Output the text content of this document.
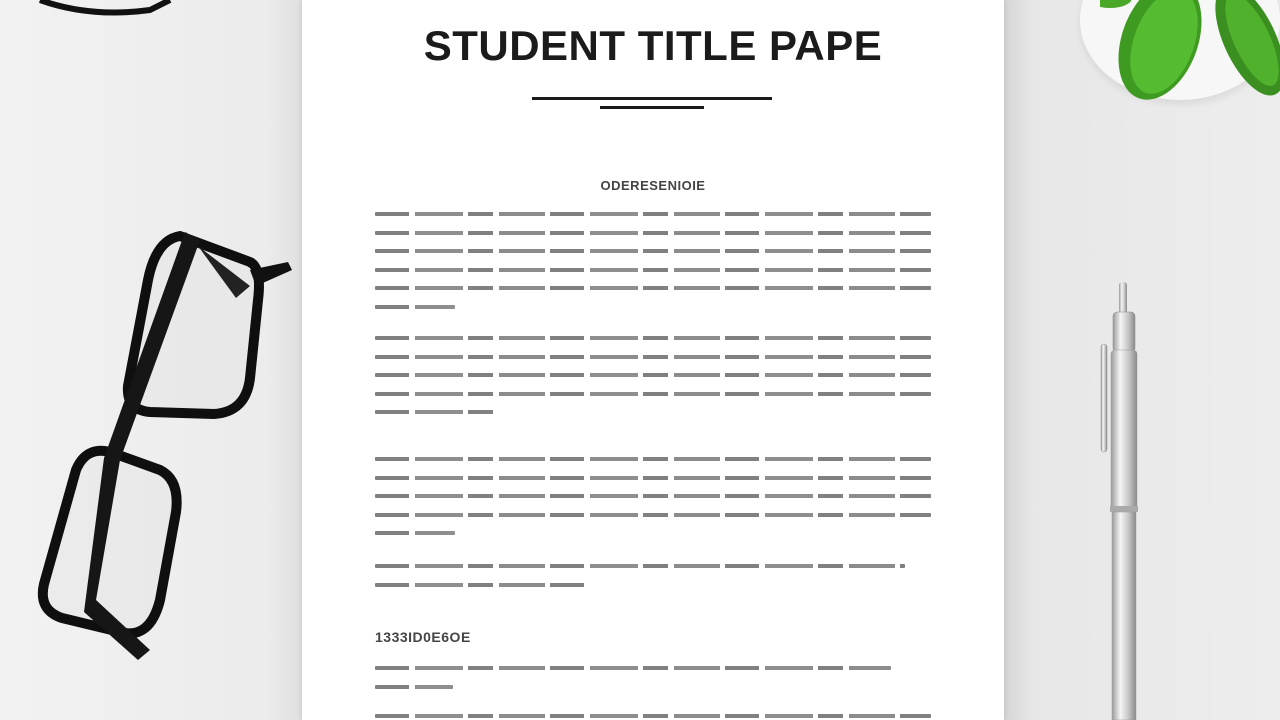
STUDENT TITLE PAPE
ODERESENIOIE
1333ID0E6OE
